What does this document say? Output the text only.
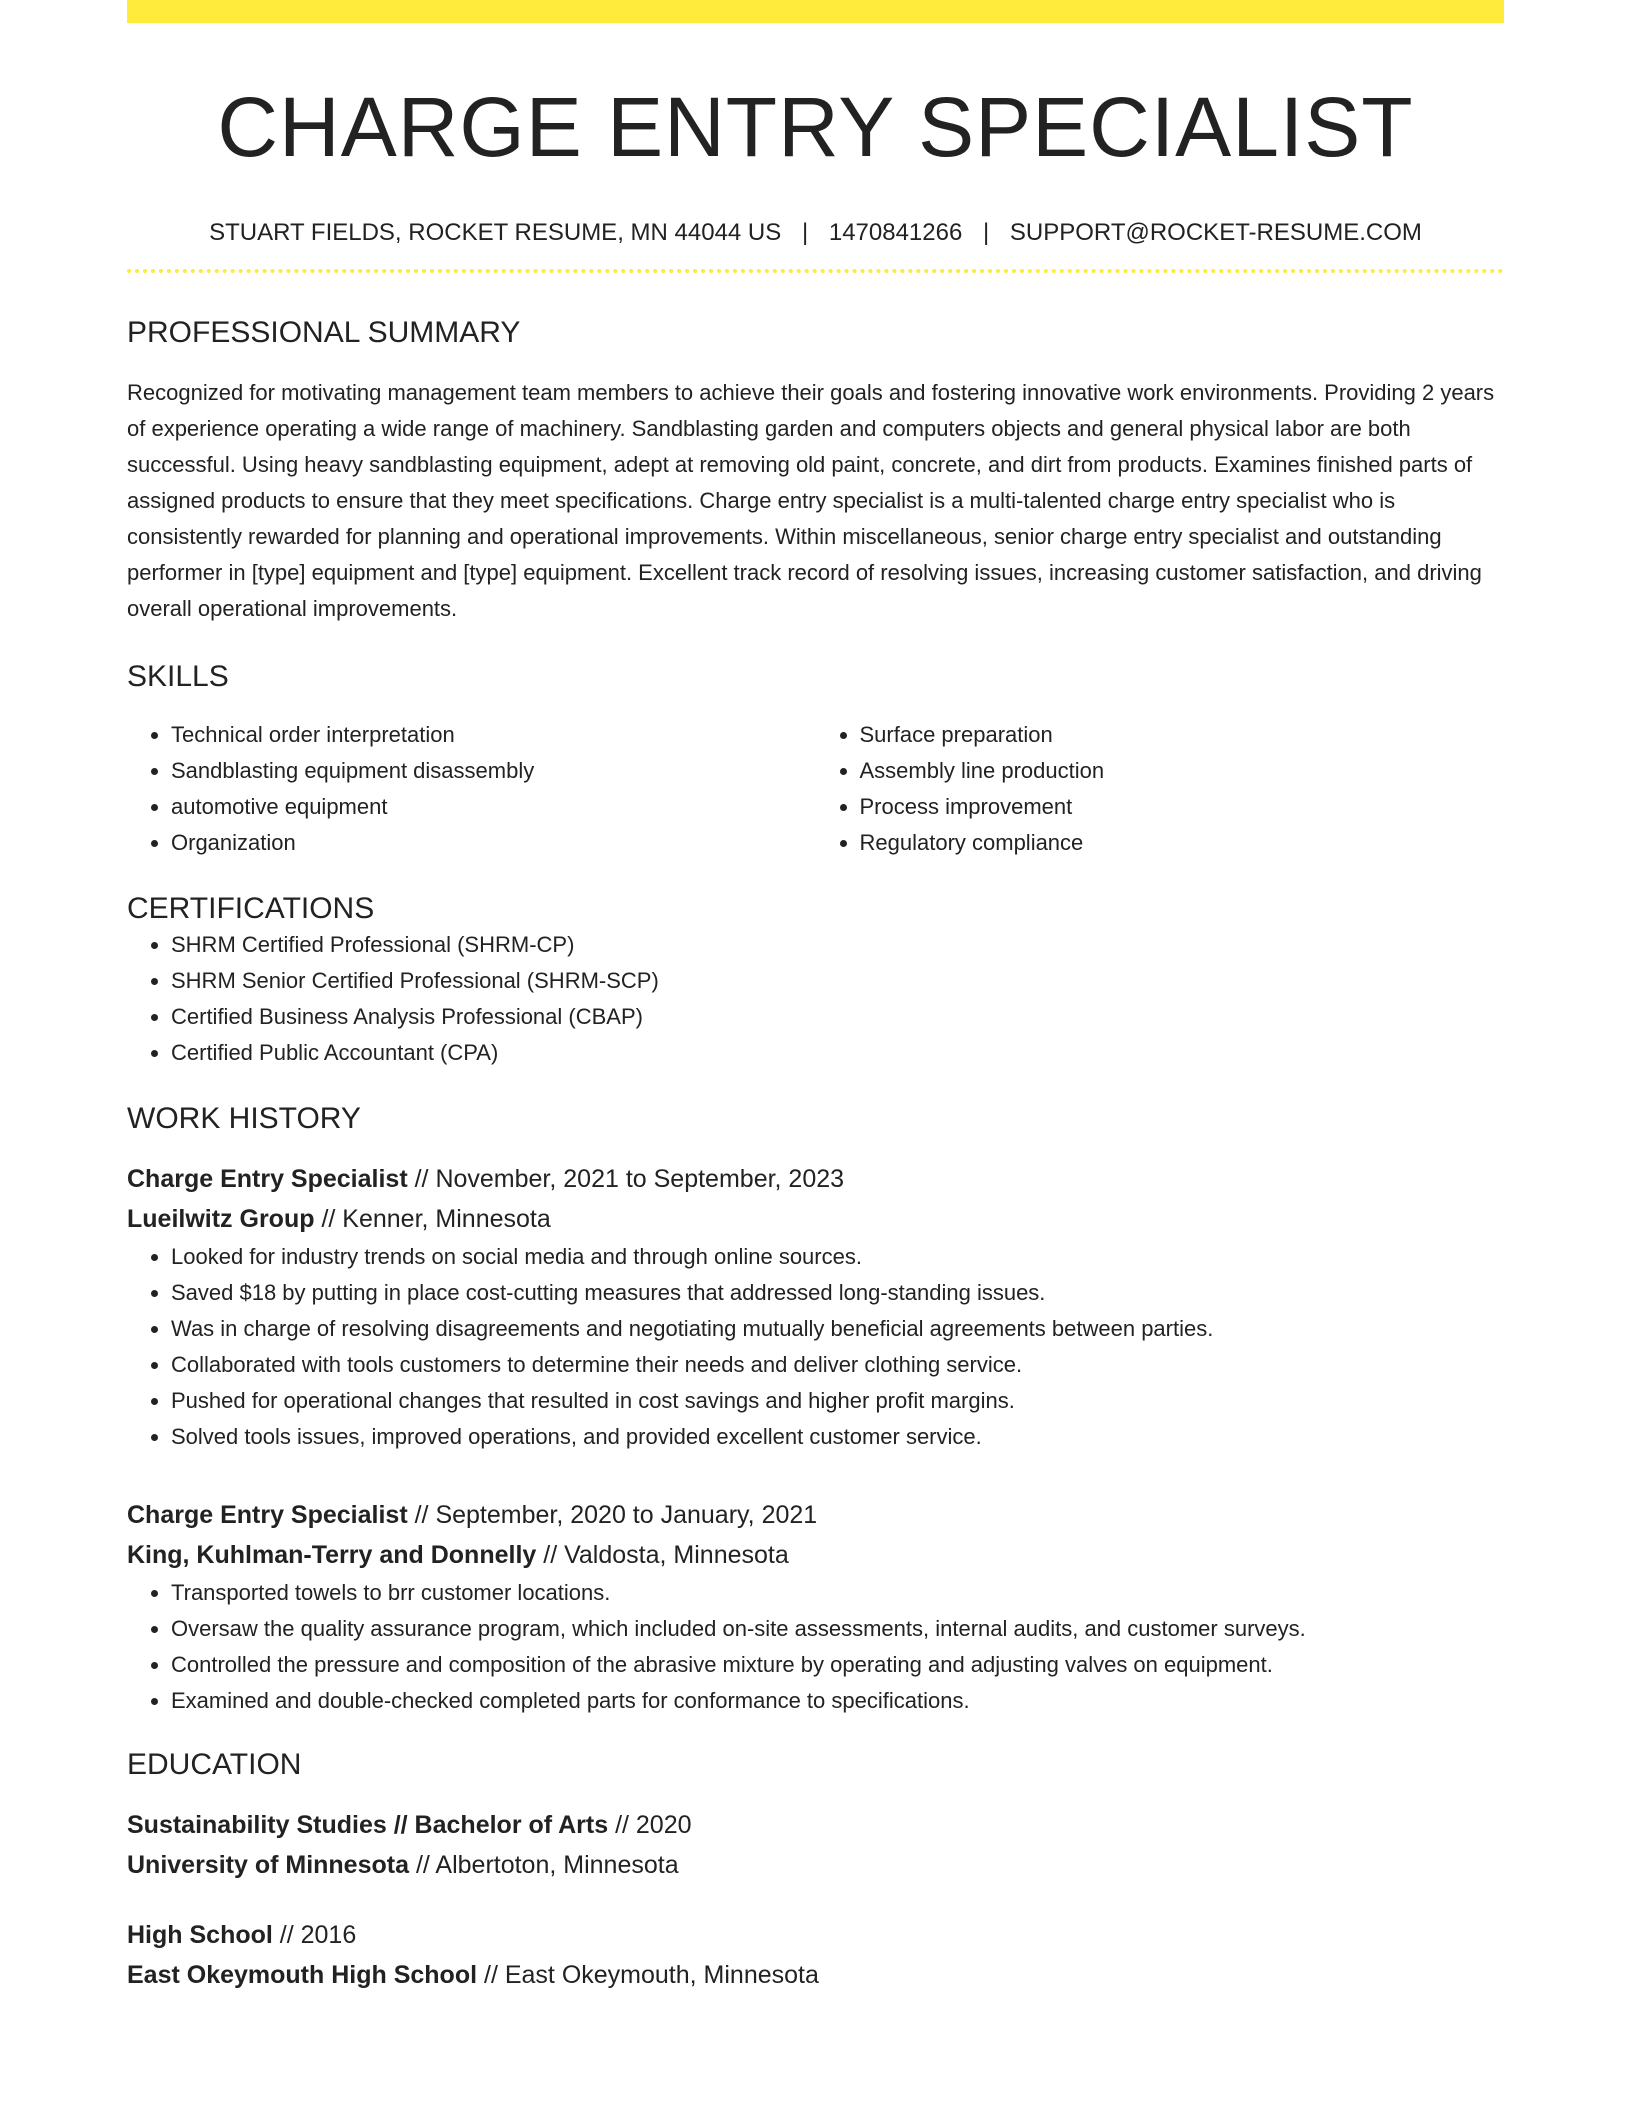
CHARGE ENTRY SPECIALIST
STUART FIELDS, ROCKET RESUME, MN 44044 US | 1470841266 | SUPPORT@ROCKET-RESUME.COM
PROFESSIONAL SUMMARY
Recognized for motivating management team members to achieve their goals and fostering innovative work environments. Providing 2 years of experience operating a wide range of machinery. Sandblasting garden and computers objects and general physical labor are both successful. Using heavy sandblasting equipment, adept at removing old paint, concrete, and dirt from products. Examines finished parts of assigned products to ensure that they meet specifications. Charge entry specialist is a multi-talented charge entry specialist who is consistently rewarded for planning and operational improvements. Within miscellaneous, senior charge entry specialist and outstanding performer in [type] equipment and [type] equipment. Excellent track record of resolving issues, increasing customer satisfaction, and driving overall operational improvements.
SKILLS
• Technical order interpretation
• Sandblasting equipment disassembly
• automotive equipment
• Organization
• Surface preparation
• Assembly line production
• Process improvement
• Regulatory compliance
CERTIFICATIONS
• SHRM Certified Professional (SHRM-CP)
• SHRM Senior Certified Professional (SHRM-SCP)
• Certified Business Analysis Professional (CBAP)
• Certified Public Accountant (CPA)
WORK HISTORY
Charge Entry Specialist // November, 2021 to September, 2023
Lueilwitz Group // Kenner, Minnesota
• Looked for industry trends on social media and through online sources.
• Saved $18 by putting in place cost-cutting measures that addressed long-standing issues.
• Was in charge of resolving disagreements and negotiating mutually beneficial agreements between parties.
• Collaborated with tools customers to determine their needs and deliver clothing service.
• Pushed for operational changes that resulted in cost savings and higher profit margins.
• Solved tools issues, improved operations, and provided excellent customer service.
Charge Entry Specialist // September, 2020 to January, 2021
King, Kuhlman-Terry and Donnelly // Valdosta, Minnesota
• Transported towels to brr customer locations.
• Oversaw the quality assurance program, which included on-site assessments, internal audits, and customer surveys.
• Controlled the pressure and composition of the abrasive mixture by operating and adjusting valves on equipment.
• Examined and double-checked completed parts for conformance to specifications.
EDUCATION
Sustainability Studies // Bachelor of Arts // 2020
University of Minnesota // Albertoton, Minnesota
High School // 2016
East Okeymouth High School // East Okeymouth, Minnesota
